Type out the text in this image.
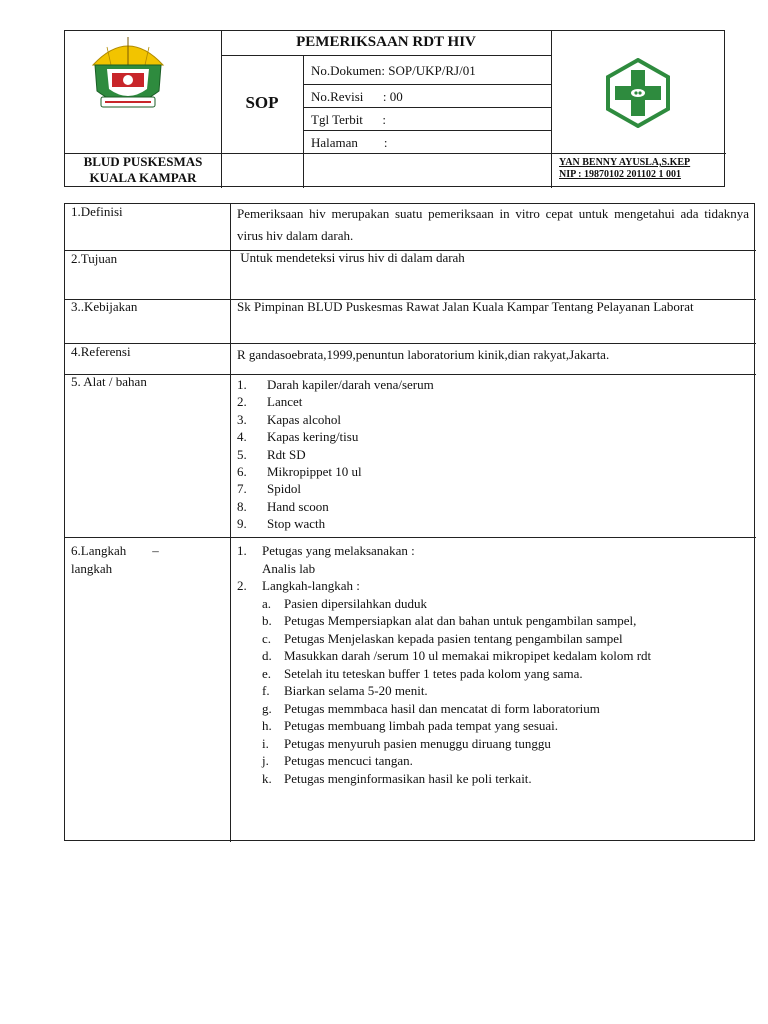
PEMERIKSAAN RDT HIV
SOP
No.Dokumen: SOP/UKP/RJ/01
No.Revisi      : 00
Tgl Terbit      :
Halaman        :
BLUD PUSKESMAS
KUALA KAMPAR
YAN BENNY AYUSLA,S.KEP
NIP : 19870102 201102 1 001
1.Definisi	Pemeriksaan hiv merupakan suatu pemeriksaan in vitro cepat untuk mengetahui ada tidaknya virus hiv dalam darah.
2.Tujuan	Untuk mendeteksi virus hiv di dalam darah
3..Kebijakan	Sk Pimpinan BLUD Puskesmas Rawat Jalan Kuala Kampar Tentang Pelayanan Laborat
4.Referensi	R gandasoebrata,1999,penuntun laboratorium kinik,dian rakyat,Jakarta.
5. Alat / bahan	1.	Darah kapiler/darah vena/serum
2.	Lancet
3.	Kapas alcohol
4.	Kapas kering/tisu
5.	Rdt SD
6.	Mikropippet 10 ul
7.	Spidol
8.	Hand scoon
9.	Stop wacth
6.Langkah        –
langkah
1.	Petugas yang melaksanakan :
Analis lab
2.	Langkah-langkah :
a. Pasien dipersilahkan duduk
b. Petugas Mempersiapkan alat dan bahan untuk pengambilan sampel,
c. Petugas Menjelaskan kepada pasien tentang pengambilan sampel
d. Masukkan darah /serum 10 ul memakai mikropipet kedalam kolom rdt
e. Setelah itu teteskan buffer 1 tetes pada kolom yang sama.
f.	Biarkan selama 5-20 menit.
g. Petugas memmbaca hasil dan mencatat di form laboratorium
h. Petugas membuang limbah pada tempat yang sesuai.
i.	Petugas menyuruh pasien menuggu diruang tunggu
j.	Petugas mencuci tangan.
k. Petugas menginformasikan hasil ke poli terkait.
